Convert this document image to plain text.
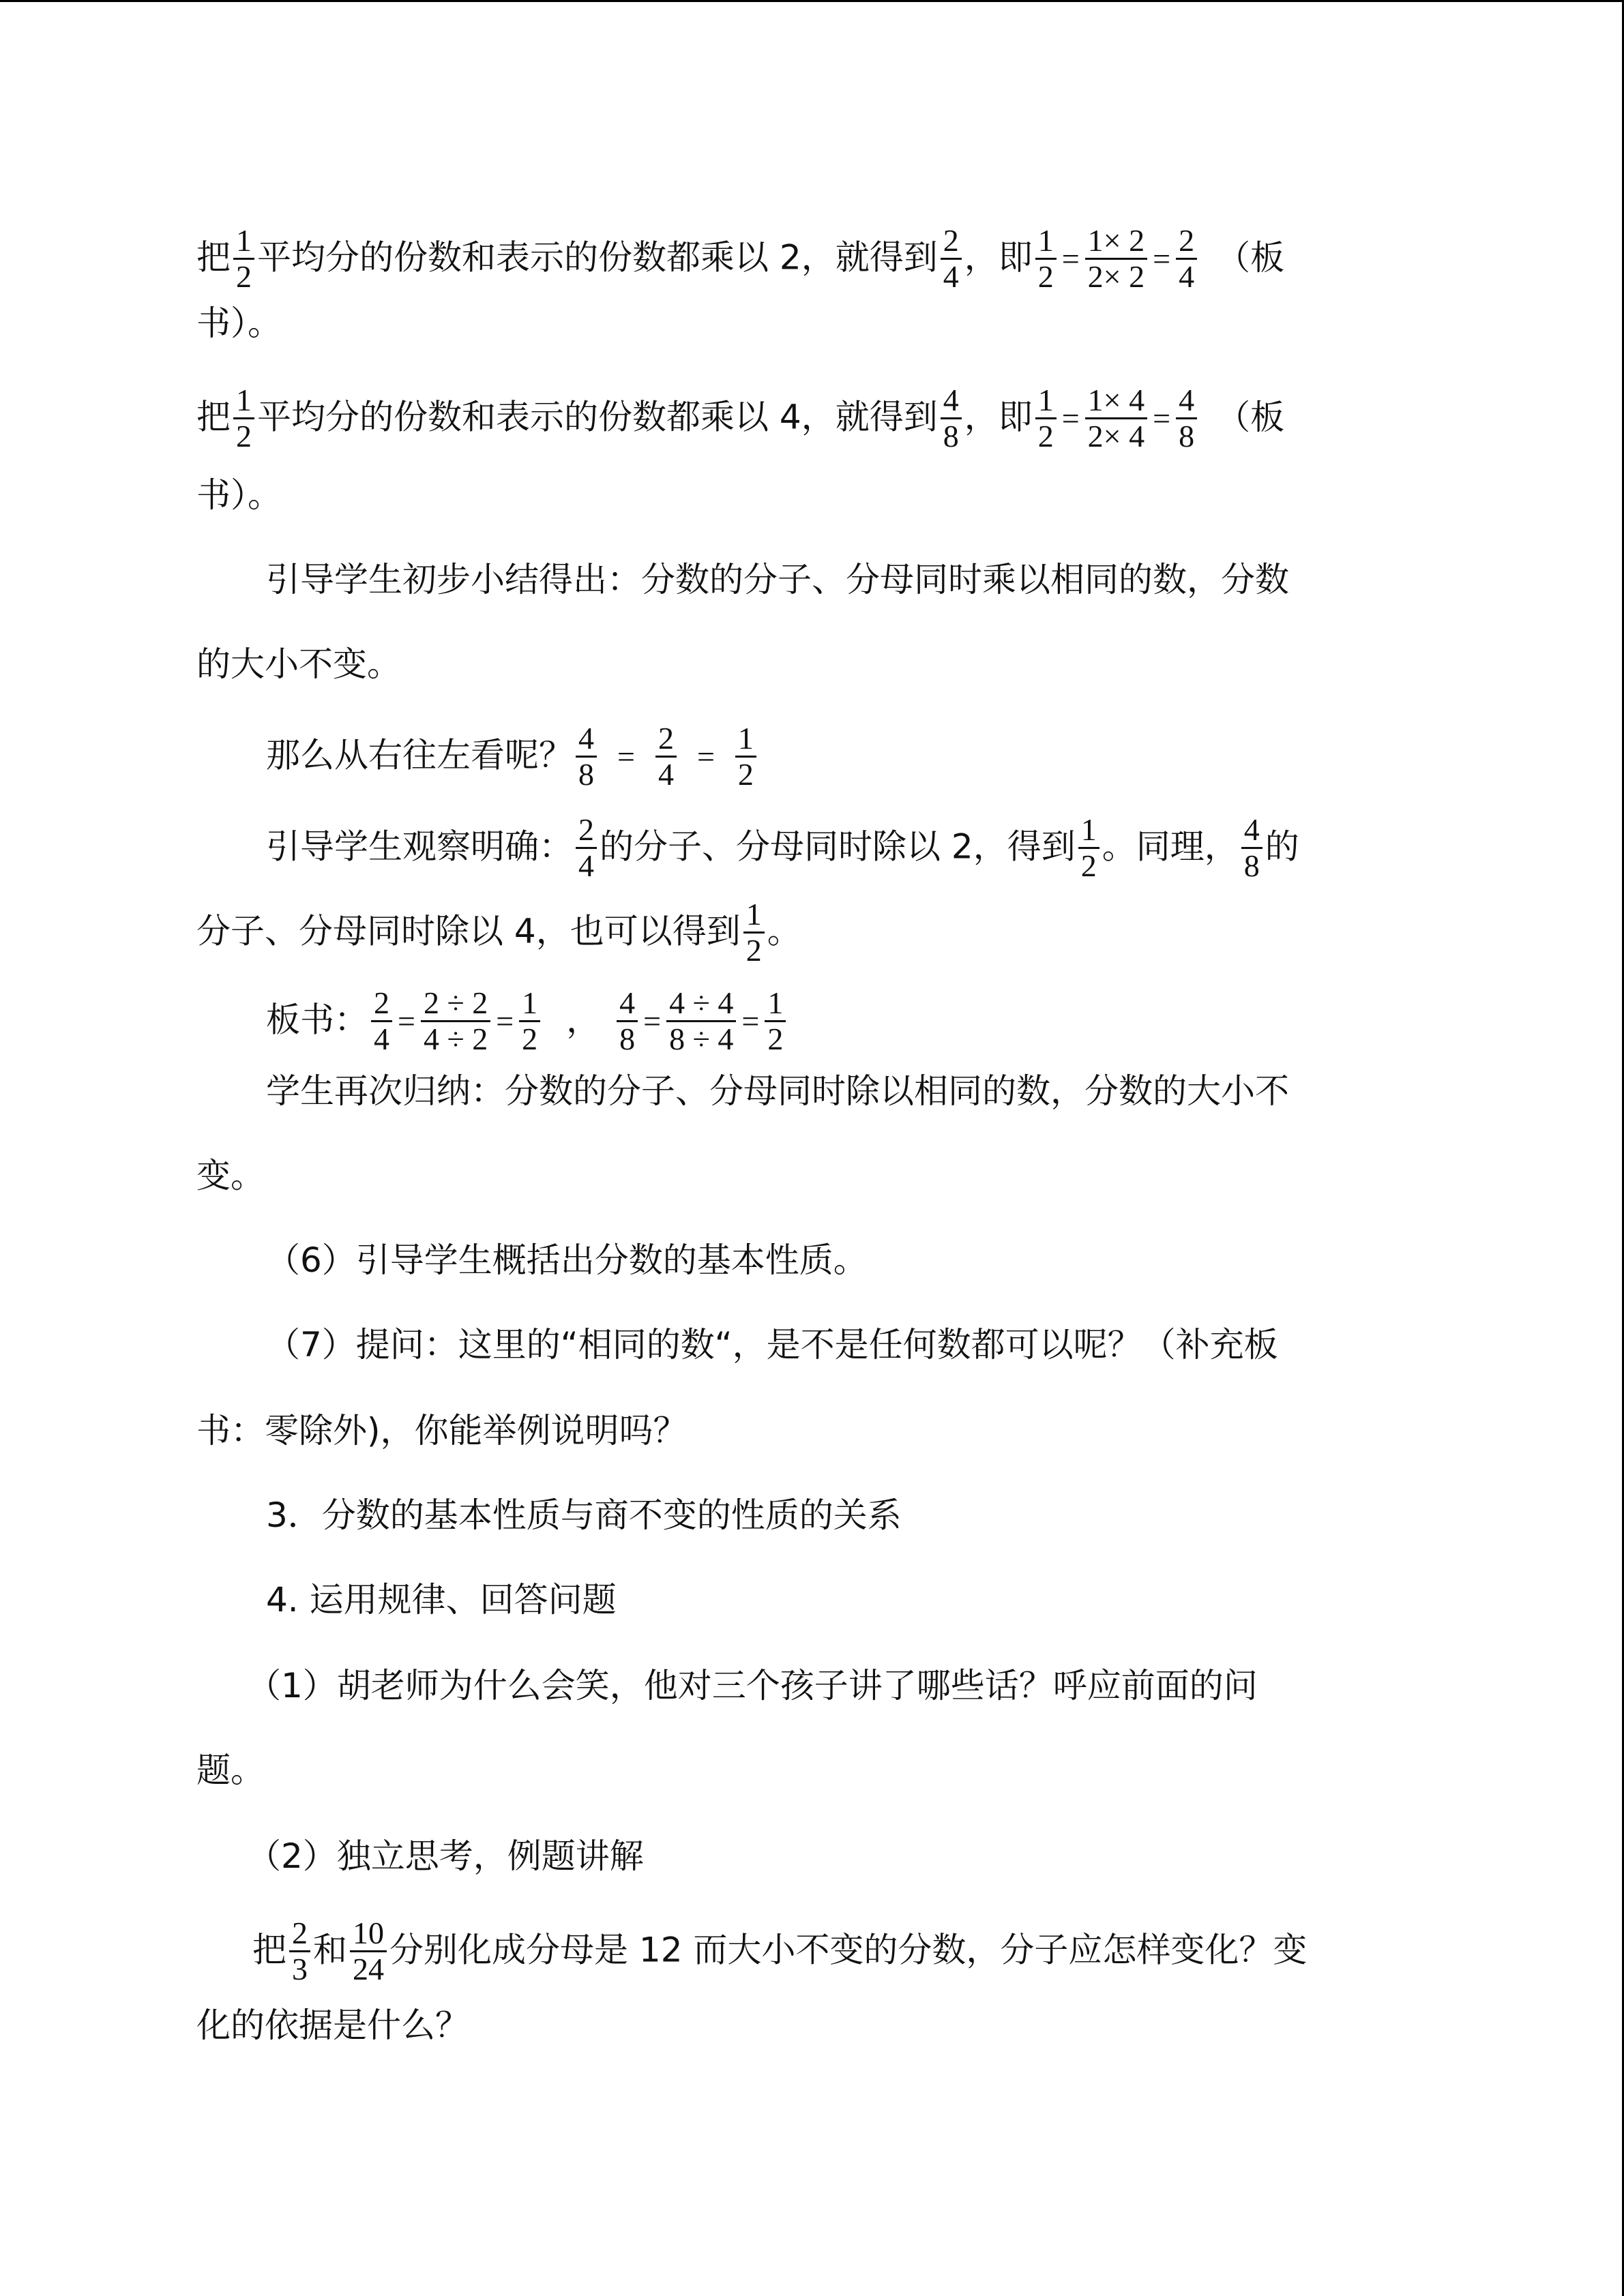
把 $\frac{1}{2}$ 平均分的份数和表示的份数都乘以 2，就得到 $\frac{2}{4}$ ，即 $\frac{1}{2} = \frac{1\times 2}{2\times 2} = \frac{2}{4}$ （板
书）。
把 $\frac{1}{2}$ 平均分的份数和表示的份数都乘以 4，就得到 $\frac{4}{8}$ ，即 $\frac{1}{2} = \frac{1\times 4}{2\times 4} = \frac{4}{8}$ （板
书）。
引导学生初步小结得出：分数的分子、分母同时乘以相同的数，分数
的大小不变。
那么从右往左看呢？ $\frac{4}{8} = \frac{2}{4} = \frac{1}{2}$
引导学生观察明确： $\frac{2}{4}$ 的分子、分母同时除以 2，得到 $\frac{1}{2}$ 。同理， $\frac{4}{8}$ 的
分子、分母同时除以 4，也可以得到 $\frac{1}{2}$ 。
板书： $\frac{2}{4} = \frac{2 \div 2}{4 \div 2} = \frac{1}{2}$ ， $\frac{4}{8} = \frac{4 \div 4}{8 \div 4} = \frac{1}{2}$
学生再次归纳：分数的分子、分母同时除以相同的数，分数的大小不
变。
（6）引导学生概括出分数的基本性质。
（7）提问：这里的“相同的数“，是不是任何数都可以呢？（补充板
书：零除外)，你能举例说明吗？
3．分数的基本性质与商不变的性质的关系
4. 运用规律、回答问题
（1）胡老师为什么会笑，他对三个孩子讲了哪些话？呼应前面的问
题。
（2）独立思考，例题讲解
把 $\frac{2}{3}$ 和 $\frac{10}{24}$ 分别化成分母是 12 而大小不变的分数，分子应怎样变化？变
化的依据是什么？
